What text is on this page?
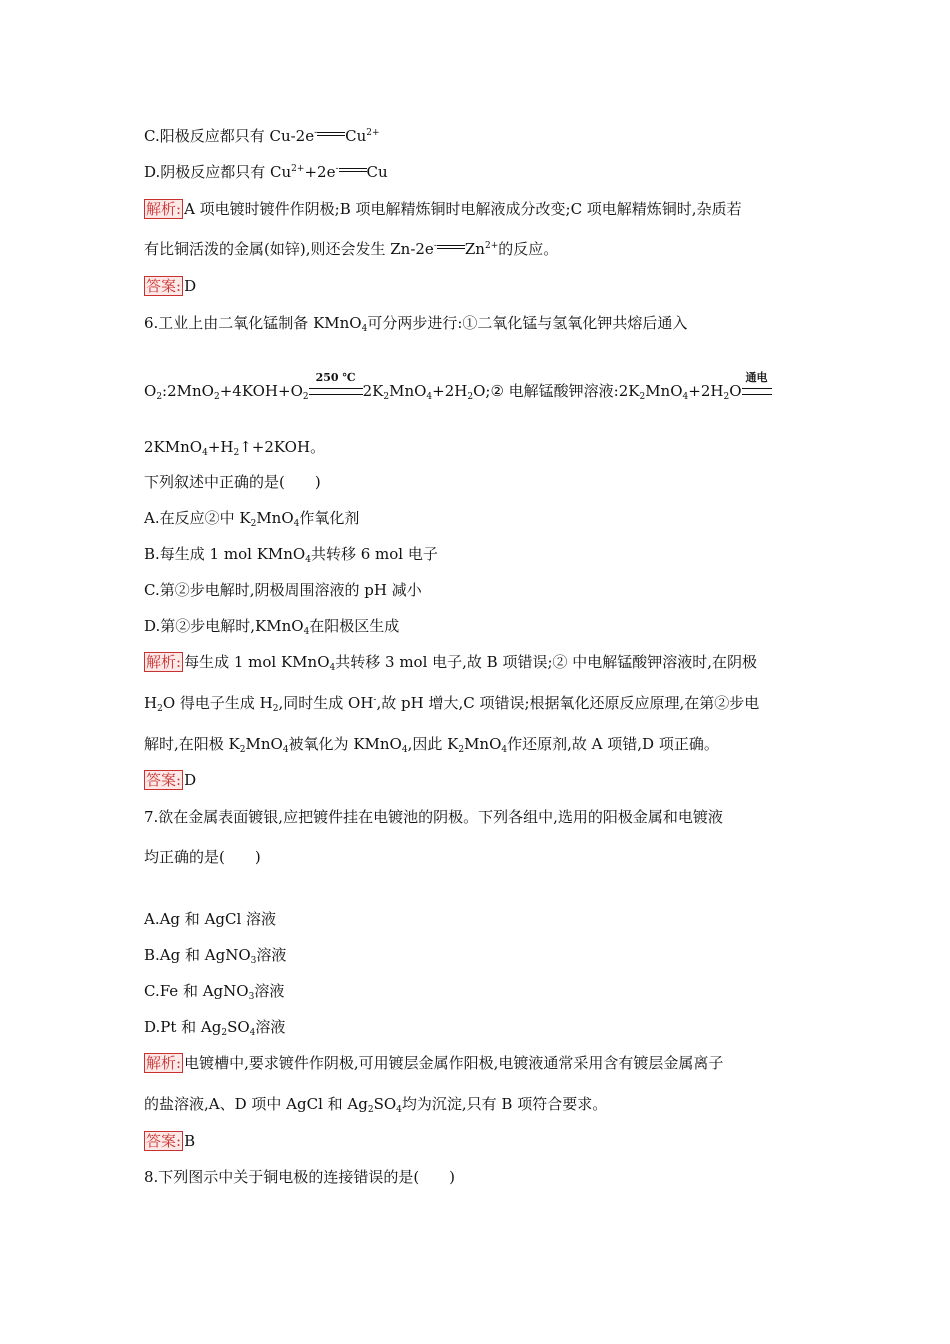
C.阳极反应都只有 Cu-2e- $Cu^{2+}$
D.阴极反应都只有 $Cu^{2+}+2e^-$ Cu
解析: A 项电镀时镀件作阴极;B 项电解精炼铜时电解液成分改变;C 项电解精炼铜时,杂质若
有比铜活泼的金属(如锌),则还会发生 Zn-2e- $Zn^{2+}$的反应。
答案: D
6.工业上由二氧化锰制备 KMnO$_4$可分两步进行:①二氧化锰与氢氧化钾共熔后通入
$O_2:2MnO_2+4KOH+O_2$
250 ℃
$2K_2MnO_4+2H_2O;②$ 电解锰酸钾溶液$:2K_2MnO_4+2H_2O$
通电
$2KMnO_4+H_2↑+2KOH$。
下列叙述中正确的是(　　)
A.在反应②中 $K_2MnO_4$作氧化剂
B.每生成 1 mol KMnO$_4$共转移 6 mol 电子
C.第②步电解时,阴极周围溶液的 pH 减小
D.第②步电解时,KMnO$_4$在阳极区生成
解析: 每生成 1 mol KMnO$_4$共转移 3 mol 电子,故 B 项错误;② 中电解锰酸钾溶液时,在阴极
$H_2O$ 得电子生成 $H_2$,同时生成 OH-,故 pH 增大,C 项错误;根据氧化还原反应原理,在第②步电
解时,在阳极 $K_2MnO_4$被氧化为 KMnO$_4$,因此 $K_2MnO_4$作还原剂,故 A 项错,D 项正确。
答案: D
7.欲在金属表面镀银,应把镀件挂在电镀池的阴极。下列各组中,选用的阳极金属和电镀液
均正确的是(　　)
A.Ag 和 AgCl 溶液
B.Ag 和 AgNO$_3$溶液
C.Fe 和 AgNO$_3$溶液
D.Pt 和 $Ag_2SO_4$溶液
解析: 电镀槽中,要求镀件作阴极,可用镀层金属作阳极,电镀液通常采用含有镀层金属离子
的盐溶液,A、D 项中 AgCl 和 $Ag_2SO_4$均为沉淀,只有 B 项符合要求。
答案: B
8.下列图示中关于铜电极的连接错误的是(　　)
